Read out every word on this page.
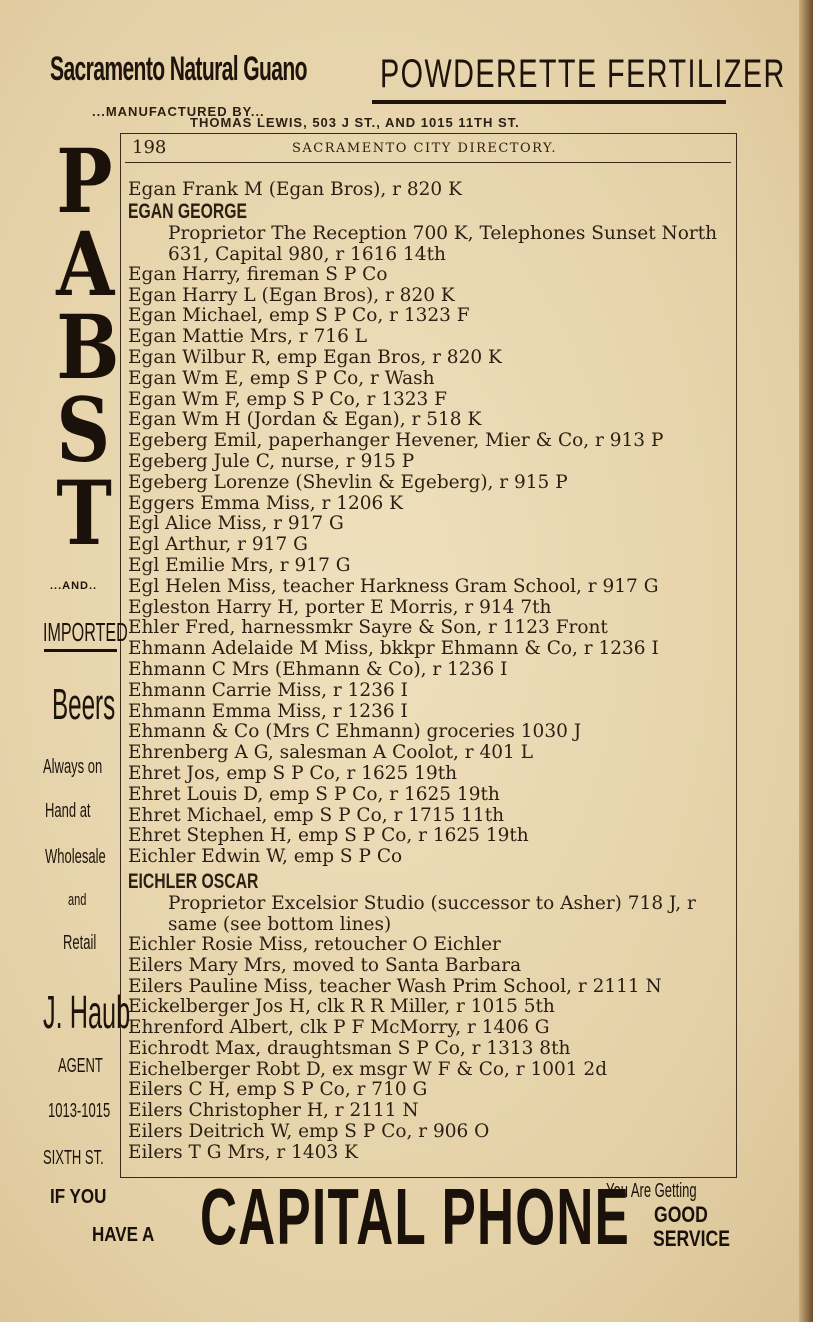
Sacramento Natural Guano POWDERETTE FERTILIZER
...MANUFACTURED BY...
THOMAS LEWIS, 503 J ST., AND 1015 11TH ST.
198	SACRAMENTO CITY DIRECTORY.
P
A
B
S
T
...AND..
IMPORTED
Beers
Always on
Hand at
Wholesale
and
Retail
J. Haub
AGENT
1013-1015
SIXTH ST.
Egan Frank M (Egan Bros), r 820 K
EGAN GEORGE
Proprietor The Reception 700 K, Telephones Sunset North
631, Capital 980, r 1616 14th
Egan Harry, fireman S P Co
Egan Harry L (Egan Bros), r 820 K
Egan Michael, emp S P Co, r 1323 F
Egan Mattie Mrs, r 716 L
Egan Wilbur R, emp Egan Bros, r 820 K
Egan Wm E, emp S P Co, r Wash
Egan Wm F, emp S P Co, r 1323 F
Egan Wm H (Jordan & Egan), r 518 K
Egeberg Emil, paperhanger Hevener, Mier & Co, r 913 P
Egeberg Jule C, nurse, r 915 P
Egeberg Lorenze (Shevlin & Egeberg), r 915 P
Eggers Emma Miss, r 1206 K
Egl Alice Miss, r 917 G
Egl Arthur, r 917 G
Egl Emilie Mrs, r 917 G
Egl Helen Miss, teacher Harkness Gram School, r 917 G
Egleston Harry H, porter E Morris, r 914 7th
Ehler Fred, harnessmkr Sayre & Son, r 1123 Front
Ehmann Adelaide M Miss, bkkpr Ehmann & Co, r 1236 I
Ehmann C Mrs (Ehmann & Co), r 1236 I
Ehmann Carrie Miss, r 1236 I
Ehmann Emma Miss, r 1236 I
Ehmann & Co (Mrs C Ehmann) groceries 1030 J
Ehrenberg A G, salesman A Coolot, r 401 L
Ehret Jos, emp S P Co, r 1625 19th
Ehret Louis D, emp S P Co, r 1625 19th
Ehret Michael, emp S P Co, r 1715 11th
Ehret Stephen H, emp S P Co, r 1625 19th
Eichler Edwin W, emp S P Co
EICHLER OSCAR
Proprietor Excelsior Studio (successor to Asher) 718 J, r
same (see bottom lines)
Eichler Rosie Miss, retoucher O Eichler
Eilers Mary Mrs, moved to Santa Barbara
Eilers Pauline Miss, teacher Wash Prim School, r 2111 N
Eickelberger Jos H, clk R R Miller, r 1015 5th
Ehrenford Albert, clk P F McMorry, r 1406 G
Eichrodt Max, draughtsman S P Co, r 1313 8th
Eichelberger Robt D, ex msgr W F & Co, r 1001 2d
Eilers C H, emp S P Co, r 710 G
Eilers Christopher H, r 2111 N
Eilers Deitrich W, emp S P Co, r 906 O
Eilers T G Mrs, r 1403 K
IF YOU
HAVE A CAPITAL PHONE
You Are Getting
GOOD
SERVICE
